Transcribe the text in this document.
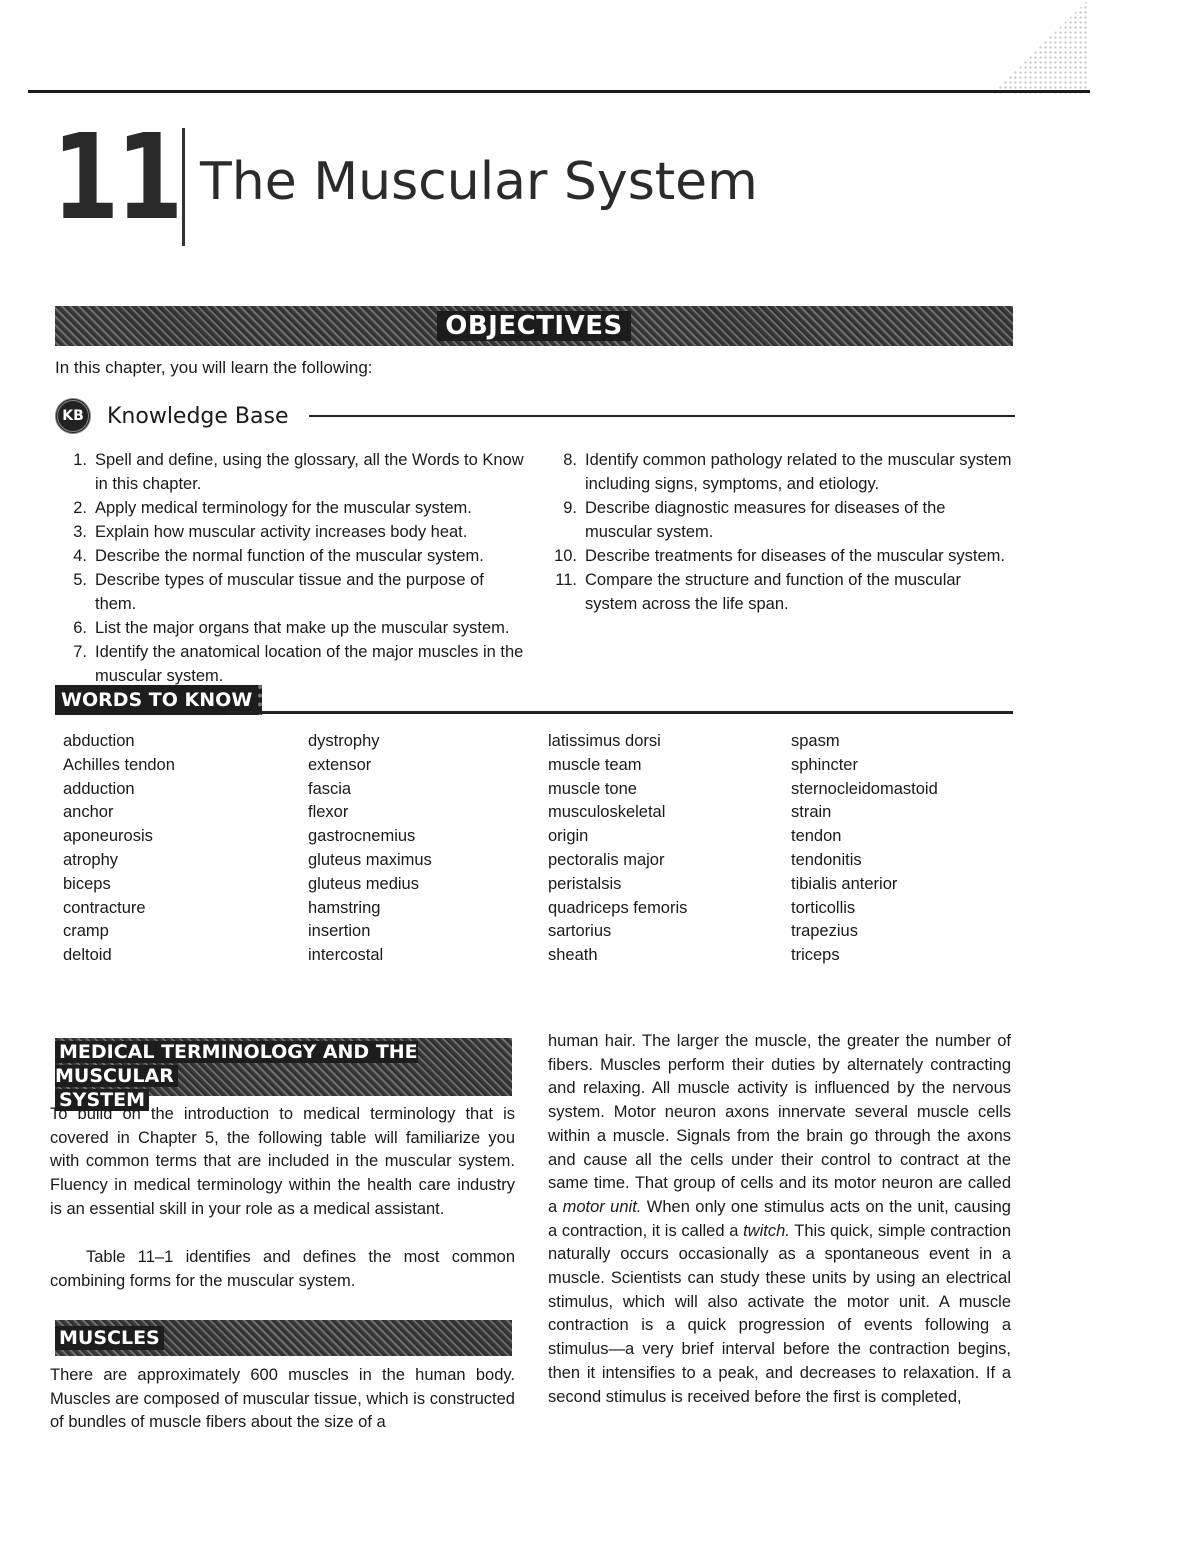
11 The Muscular System
OBJECTIVES
In this chapter, you will learn the following:
KB	Knowledge Base
1. Spell and define, using the glossary, all the Words to Know in this chapter.
2. Apply medical terminology for the muscular system.
3. Explain how muscular activity increases body heat.
4. Describe the normal function of the muscular system.
5. Describe types of muscular tissue and the purpose of them.
6. List the major organs that make up the muscular system.
7. Identify the anatomical location of the major muscles in the muscular system.
8. Identify common pathology related to the muscular system including signs, symptoms, and etiology.
9. Describe diagnostic measures for diseases of the muscular system.
10. Describe treatments for diseases of the muscular system.
11. Compare the structure and function of the muscular system across the life span.
WORDS TO KNOW
abduction
Achilles tendon
adduction
anchor
aponeurosis
atrophy
biceps
contracture
cramp
deltoid
dystrophy
extensor
fascia
flexor
gastrocnemius
gluteus maximus
gluteus medius
hamstring
insertion
intercostal
latissimus dorsi
muscle team
muscle tone
musculoskeletal
origin
pectoralis major
peristalsis
quadriceps femoris
sartorius
sheath
spasm
sphincter
sternocleidomastoid
strain
tendon
tendonitis
tibialis anterior
torticollis
trapezius
triceps
MEDICAL TERMINOLOGY AND THE MUSCULAR
SYSTEM

To build on the introduction to medical terminology that is covered in Chapter 5, the following table will familiarize you with common terms that are included in the muscular system. Fluency in medical terminology within the health care industry is an essential skill in your role as a medical assistant.

Table 11–1 identifies and defines the most common combining forms for the muscular system.

MUSCLES

There are approximately 600 muscles in the human body. Muscles are composed of muscular tissue, which is constructed of bundles of muscle fibers about the size of a

human hair. The larger the muscle, the greater the number of fibers. Muscles perform their duties by alternately contracting and relaxing. All muscle activity is influenced by the nervous system. Motor neuron axons innervate several muscle cells within a muscle. Signals from the brain go through the axons and cause all the cells under their control to contract at the same time. That group of cells and its motor neuron are called a motor unit. When only one stimulus acts on the unit, causing a contraction, it is called a twitch. This quick, simple contraction naturally occurs occasionally as a spontaneous event in a muscle. Scientists can study these units by using an electrical stimulus, which will also activate the motor unit. A muscle contraction is a quick progression of events following a stimulus—a very brief interval before the contraction begins, then it intensifies to a peak, and decreases to relaxation. If a second stimulus is received before the first is completed,
